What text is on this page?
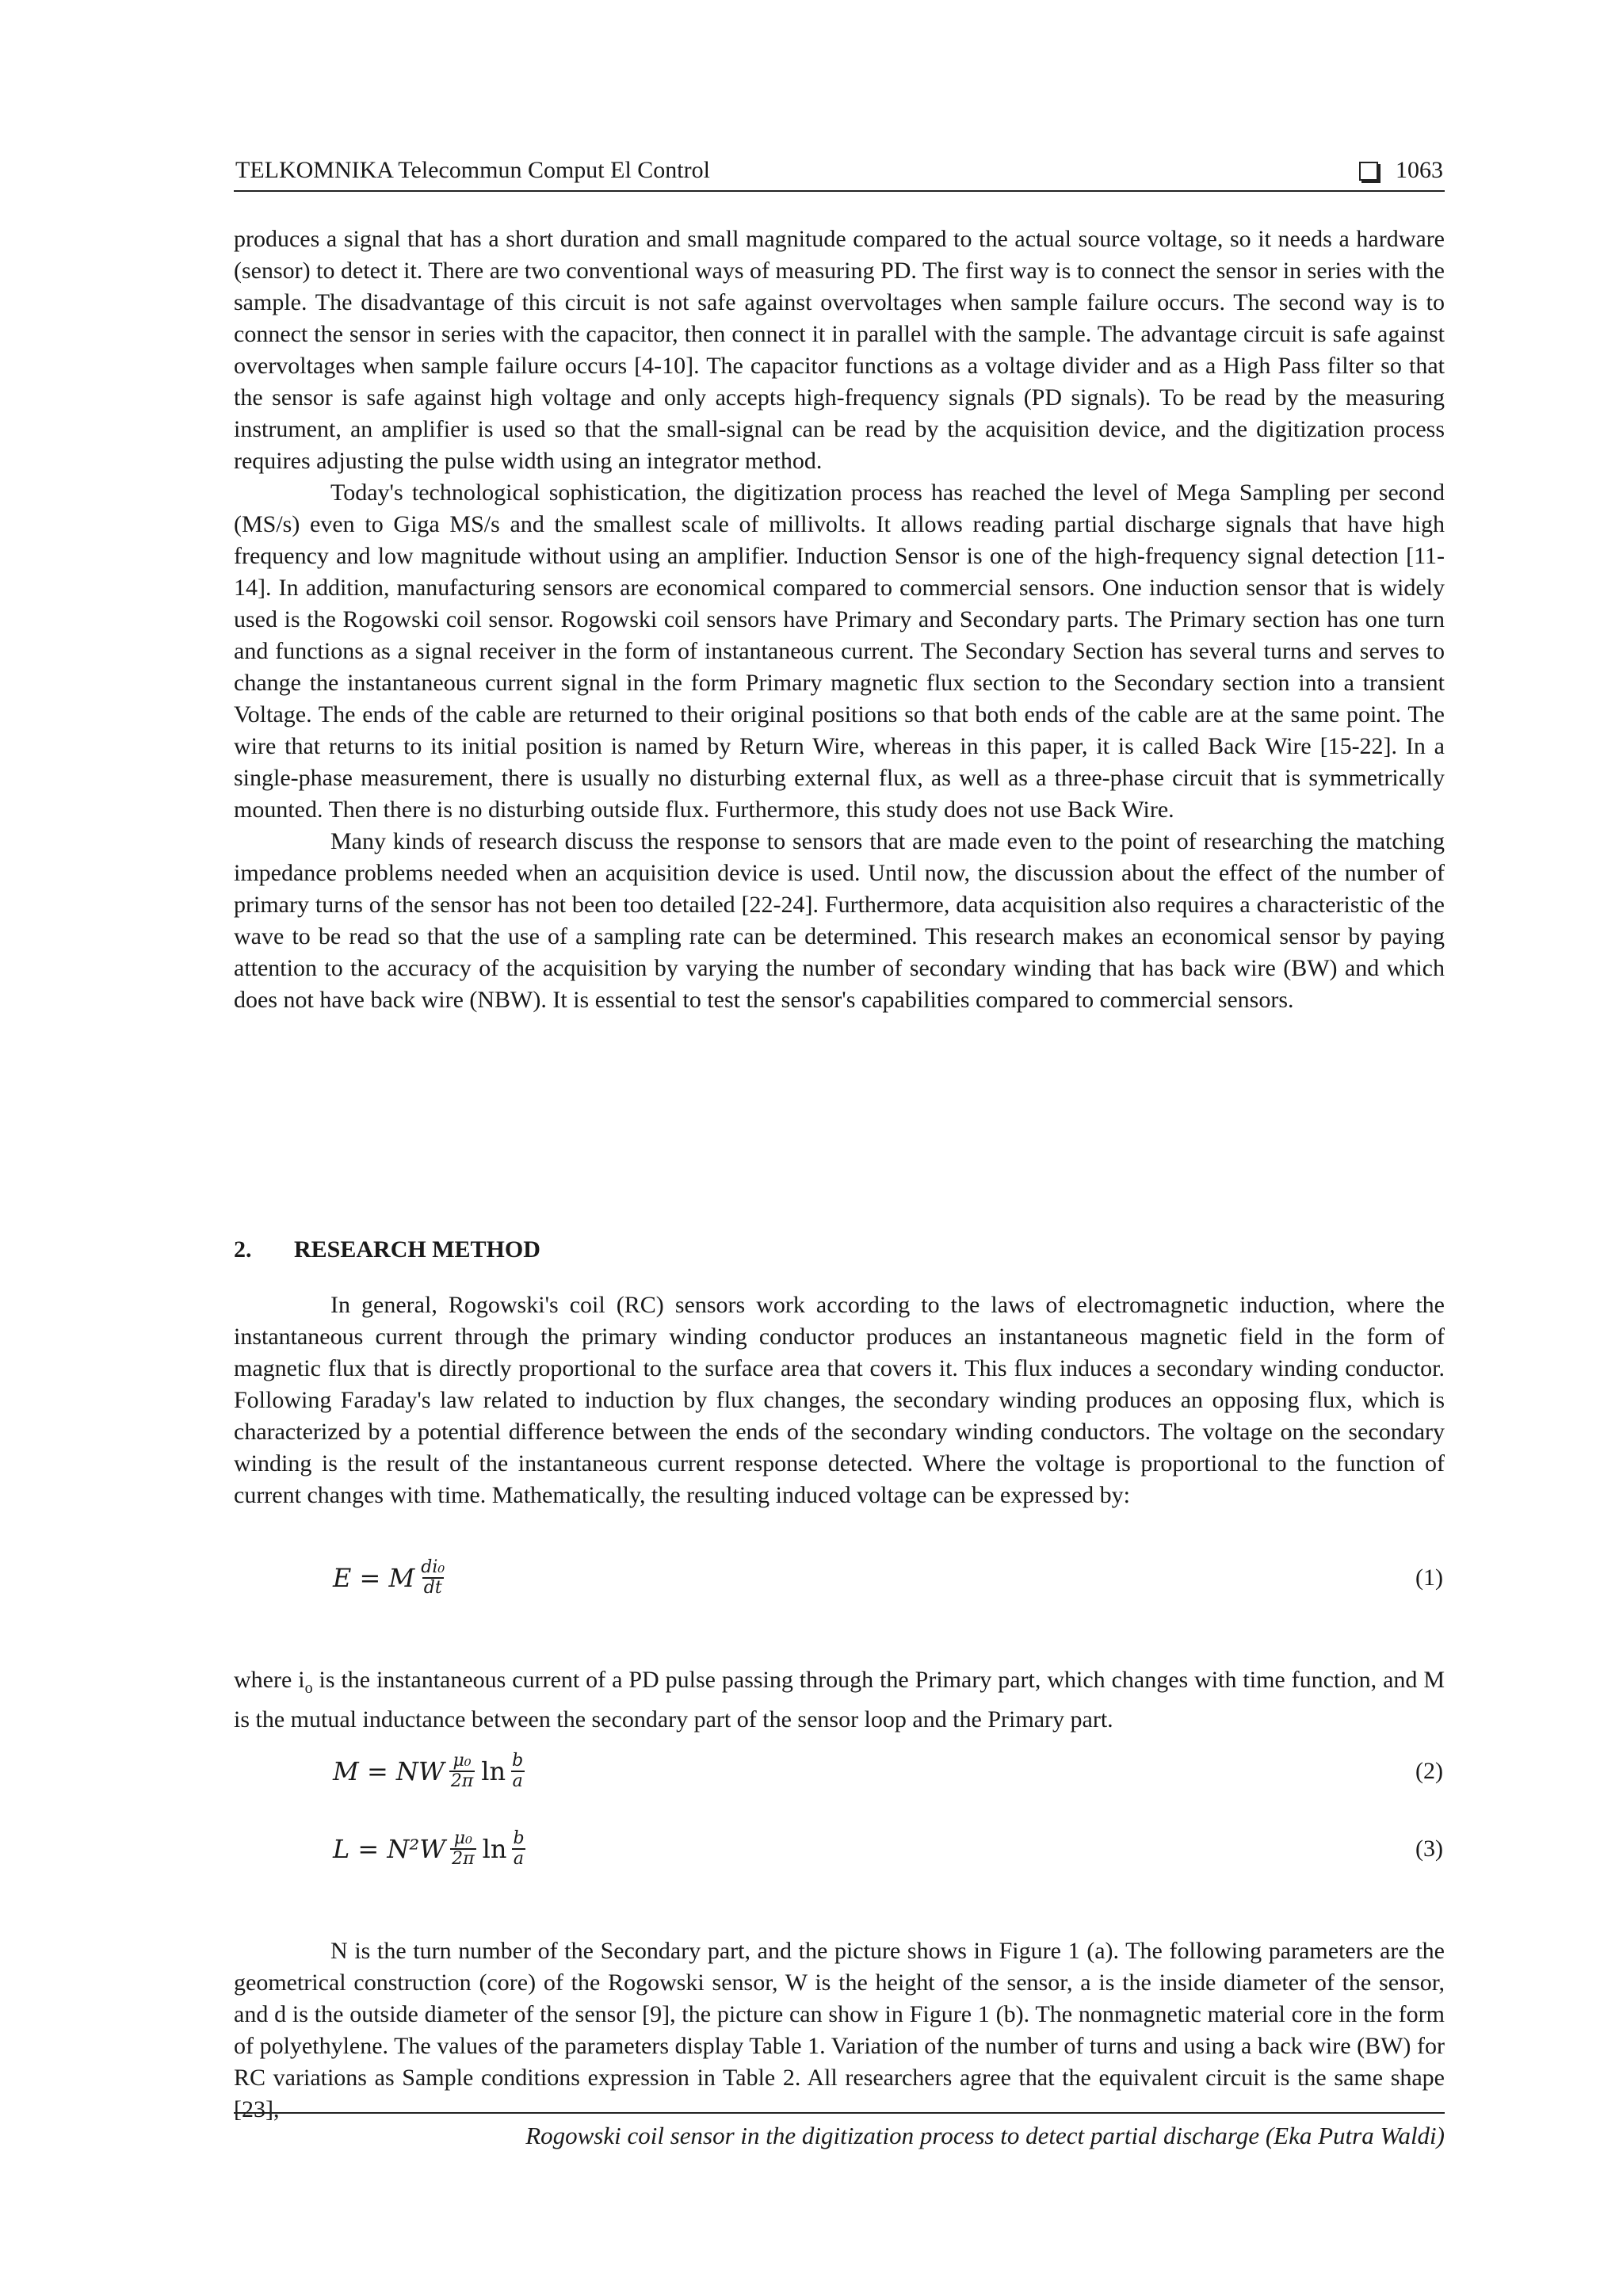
TELKOMNIKA Telecommun Comput El Control	1063

produces a signal that has a short duration and small magnitude compared to the actual source voltage, so it needs a hardware (sensor) to detect it. There are two conventional ways of measuring PD. The first way is to connect the sensor in series with the sample. The disadvantage of this circuit is not safe against overvoltages when sample failure occurs. The second way is to connect the sensor in series with the capacitor, then connect it in parallel with the sample. The advantage circuit is safe against overvoltages when sample failure occurs [4-10]. The capacitor functions as a voltage divider and as a High Pass filter so that the sensor is safe against high voltage and only accepts high-frequency signals (PD signals). To be read by the measuring instrument, an amplifier is used so that the small-signal can be read by the acquisition device, and the digitization process requires adjusting the pulse width using an integrator method.

Today's technological sophistication, the digitization process has reached the level of Mega Sampling per second (MS/s) even to Giga MS/s and the smallest scale of millivolts. It allows reading partial discharge signals that have high frequency and low magnitude without using an amplifier. Induction Sensor is one of the high-frequency signal detection [11-14]. In addition, manufacturing sensors are economical compared to commercial sensors. One induction sensor that is widely used is the Rogowski coil sensor. Rogowski coil sensors have Primary and Secondary parts. The Primary section has one turn and functions as a signal receiver in the form of instantaneous current. The Secondary Section has several turns and serves to change the instantaneous current signal in the form Primary magnetic flux section to the Secondary section into a transient Voltage. The ends of the cable are returned to their original positions so that both ends of the cable are at the same point. The wire that returns to its initial position is named by Return Wire, whereas in this paper, it is called Back Wire [15-22]. In a single-phase measurement, there is usually no disturbing external flux, as well as a three-phase circuit that is symmetrically mounted. Then there is no disturbing outside flux. Furthermore, this study does not use Back Wire.

Many kinds of research discuss the response to sensors that are made even to the point of researching the matching impedance problems needed when an acquisition device is used. Until now, the discussion about the effect of the number of primary turns of the sensor has not been too detailed [22-24]. Furthermore, data acquisition also requires a characteristic of the wave to be read so that the use of a sampling rate can be determined. This research makes an economical sensor by paying attention to the accuracy of the acquisition by varying the number of secondary winding that has back wire (BW) and which does not have back wire (NBW). It is essential to test the sensor's capabilities compared to commercial sensors.

2. RESEARCH METHOD

In general, Rogowski's coil (RC) sensors work according to the laws of electromagnetic induction, where the instantaneous current through the primary winding conductor produces an instantaneous magnetic field in the form of magnetic flux that is directly proportional to the surface area that covers it. This flux induces a secondary winding conductor. Following Faraday's law related to induction by flux changes, the secondary winding produces an opposing flux, which is characterized by a potential difference between the ends of the secondary winding conductors. The voltage on the secondary winding is the result of the instantaneous current response detected. Where the voltage is proportional to the function of current changes with time. Mathematically, the resulting induced voltage can be expressed by:

E = M $\frac{\text{di₀}}{dt}$	(1)

where $i_o$ is the instantaneous current of a PD pulse passing through the Primary part, which changes with time function, and M is the mutual inductance between the secondary part of the sensor loop and the Primary part.

M = NW $\frac{\text{μ₀}}{2\pi}$ $\ln \frac{b}{a}$	(2)
$L = N^2W \frac{\text{μ₀}}{2\pi}$ $\ln \frac{b}{a}$	(3)

N is the turn number of the Secondary part, and the picture shows in Figure 1 (a). The following parameters are the geometrical construction (core) of the Rogowski sensor, W is the height of the sensor, a is the inside diameter of the sensor, and d is the outside diameter of the sensor [9], the picture can show in Figure 1 (b). The nonmagnetic material core in the form of polyethylene. The values of the parameters display Table 1. Variation of the number of turns and using a back wire (BW) for RC variations as Sample conditions expression in Table 2. All researchers agree that the equivalent circuit is the same shape [23],

Rogowski coil sensor in the digitization process to detect partial discharge (Eka Putra Waldi)
